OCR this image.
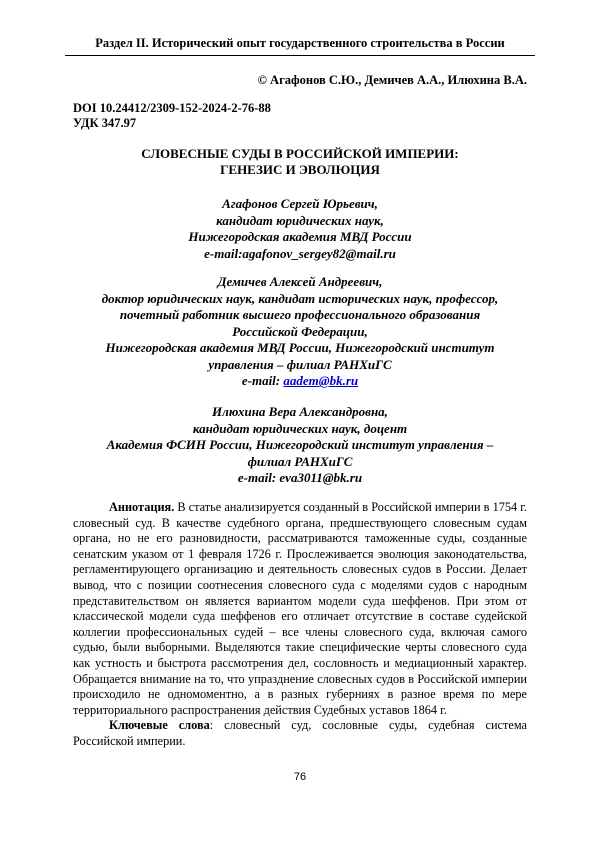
Раздел II. Исторический опыт государственного строительства в России
© Агафонов С.Ю., Демичев А.А., Илюхина В.А.
DOI 10.24412/2309-152-2024-2-76-88
УДК 347.97
СЛОВЕСНЫЕ СУДЫ В РОССИЙСКОЙ ИМПЕРИИ:
ГЕНЕЗИС И ЭВОЛЮЦИЯ
Агафонов Сергей Юрьевич,
кандидат юридических наук,
Нижегородская академия МВД России
e-mail:agafonov_sergey82@mail.ru
Демичев Алексей Андреевич,
доктор юридических наук, кандидат исторических наук, профессор,
почетный работник высшего профессионального образования
Российской Федерации,
Нижегородская академия МВД России, Нижегородский институт
управления – филиал РАНХиГС
e-mail: aadem@bk.ru
Илюхина Вера Александровна,
кандидат юридических наук, доцент
Академия ФСИН России, Нижегородский институт управления –
филиал РАНХиГС
e-mail: eva3011@bk.ru

Аннотация. В статье анализируется созданный в Российской империи в 1754 г. словесный суд. В качестве судебного органа, предшествующего словесным судам органа, но не его разновидности, рассматриваются таможенные суды, созданные сенатским указом от 1 февраля 1726 г. Прослеживается эволюция законодательства, регламентирующего организацию и деятельность словесных судов в России. Делает вывод, что с позиции соотнесения словесного суда с моделями судов с народным представительством он является вариантом модели суда шеффенов. При этом от классической модели суда шеффенов его отличает отсутствие в составе судейской коллегии профессиональных судей – все члены словесного суда, включая самого судью, были выборными. Выделяются такие специфические черты словесного суда как устность и быстрота рассмотрения дел, сословность и медиационный характер. Обращается внимание на то, что упразднение словесных судов в Российской империи происходило не одномоментно, а в разных губерниях в разное время по мере территориального распространения действия Судебных уставов 1864 г.

Ключевые слова: словесный суд, сословные суды, судебная система Российской империи.

76
